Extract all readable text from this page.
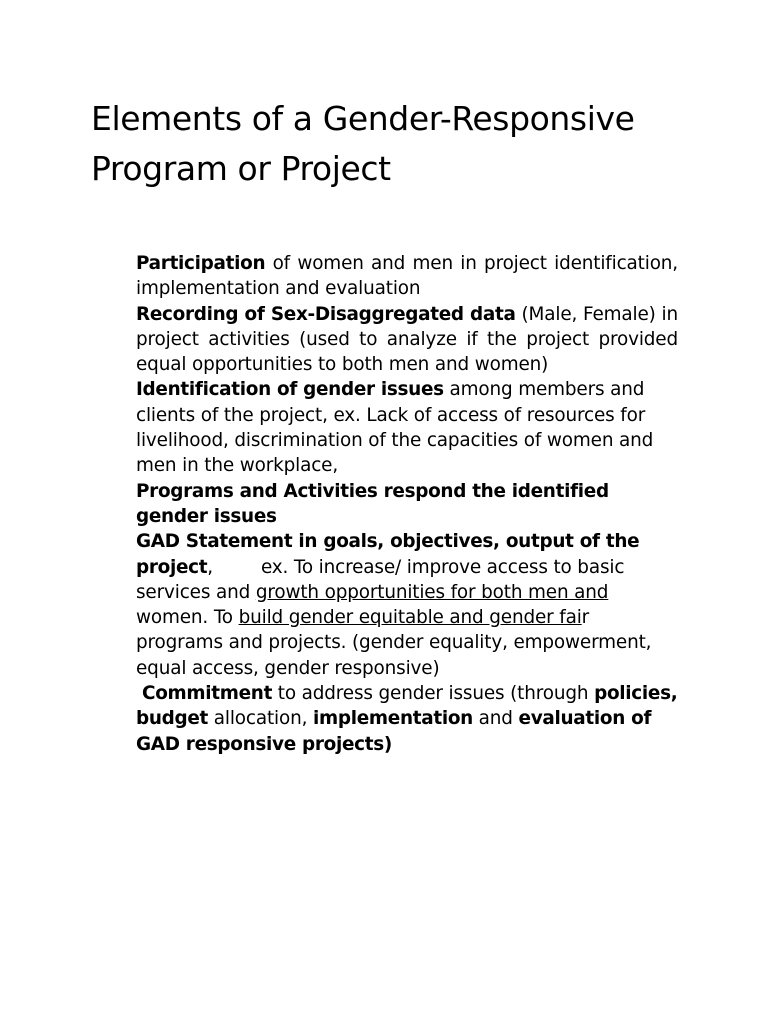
Elements of a Gender-Responsive
Program or Project

Participation of women and men in project identification, implementation and evaluation

Recording of Sex-Disaggregated data (Male, Female) in project activities (used to analyze if the project provided equal opportunities to both men and women)

Identification of gender issues among members and clients of the project, ex. Lack of access of resources for livelihood, discrimination of the capacities of women and men in the workplace,

Programs and Activities respond the identified gender issues

GAD Statement in goals, objectives, output of the project,	ex. To increase/ improve access to basic services and growth opportunities for both men and women. To build gender equitable and gender fair programs and projects. (gender equality, empowerment, equal access, gender responsive)

Commitment to address gender issues (through policies, budget allocation, implementation and evaluation of GAD responsive projects)
